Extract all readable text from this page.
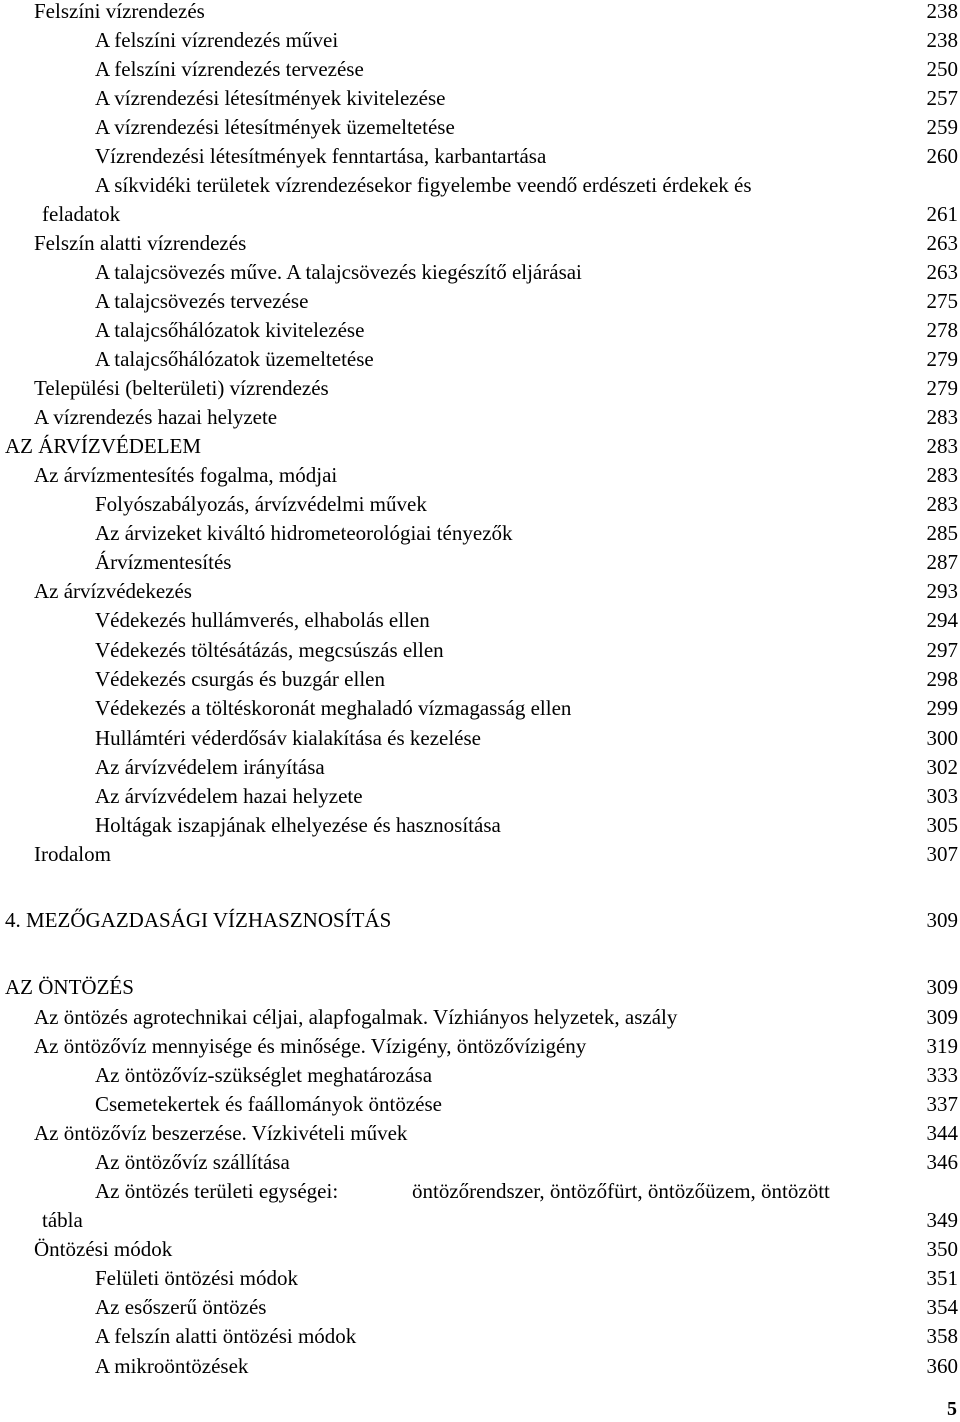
Felszíni vízrendezés	238
A felszíni vízrendezés művei	238
A felszíni vízrendezés tervezése	250
A vízrendezési létesítmények kivitelezése	257
A vízrendezési létesítmények üzemeltetése	259
Vízrendezési létesítmények fenntartása, karbantartása	260
A síkvidéki területek vízrendezésekor figyelembe veendő erdészeti érdekek és
feladatok	261
Felszín alatti vízrendezés	263
A talajcsövezés műve. A talajcsövezés kiegészítő eljárásai	263
A talajcsövezés tervezése	275
A talajcsőhálózatok kivitelezése	278
A talajcsőhálózatok üzemeltetése	279
Települési (belterületi) vízrendezés	279
A vízrendezés hazai helyzete	283
AZ ÁRVÍZVÉDELEM	283
Az árvízmentesítés fogalma, módjai	283
Folyószabályozás, árvízvédelmi művek	283
Az árvizeket kiváltó hidrometeorológiai tényezők	285
Árvízmentesítés	287
Az árvízvédekezés	293
Védekezés hullámverés, elhabolás ellen	294
Védekezés töltésátázás, megcsúszás ellen	297
Védekezés csurgás és buzgár ellen	298
Védekezés a töltéskoronát meghaladó vízmagasság ellen	299
Hullámtéri véderdősáv kialakítása és kezelése	300
Az árvízvédelem irányítása	302
Az árvízvédelem hazai helyzete	303
Holtágak iszapjának elhelyezése és hasznosítása	305
Irodalom	307
4. MEZŐGAZDASÁGI VÍZHASZNOSÍTÁS	309
AZ ÖNTÖZÉS	309
Az öntözés agrotechnikai céljai, alapfogalmak. Vízhiányos helyzetek, aszály	309
Az öntözővíz mennyisége és minősége. Vízigény, öntözővízigény	319
Az öntözővíz-szükséglet meghatározása	333
Csemetekertek és faállományok öntözése	337
Az öntözővíz beszerzése. Vízkivételi művek	344
Az öntözővíz szállítása	346
Az öntözés területi egységei:	öntözőrendszer, öntözőfürt, öntözőüzem, öntözött
tábla	349
Öntözési módok	350
Felületi öntözési módok	351
Az esőszerű öntözés	354
A felszín alatti öntözési módok	358
A mikroöntözések	360
5
